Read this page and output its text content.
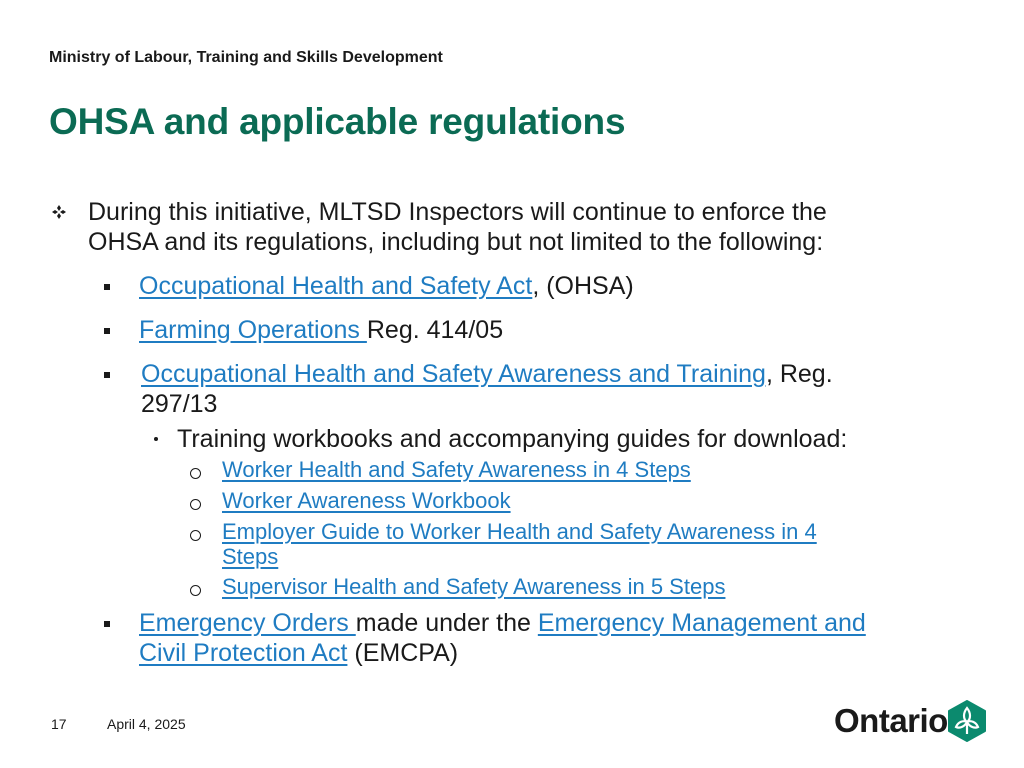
Ministry of Labour, Training and Skills Development
OHSA and applicable regulations
During this initiative, MLTSD Inspectors will continue to enforce the
OHSA and its regulations, including but not limited to the following:
Occupational Health and Safety Act, (OHSA)
Farming Operations Reg. 414/05
Occupational Health and Safety Awareness and Training, Reg.
297/13
Training workbooks and accompanying guides for download:
Worker Health and Safety Awareness in 4 Steps
Worker Awareness Workbook
Employer Guide to Worker Health and Safety Awareness in 4
Steps
Supervisor Health and Safety Awareness in 5 Steps
Emergency Orders made under the Emergency Management and
Civil Protection Act (EMCPA)
17	April 4, 2025	Ontario
